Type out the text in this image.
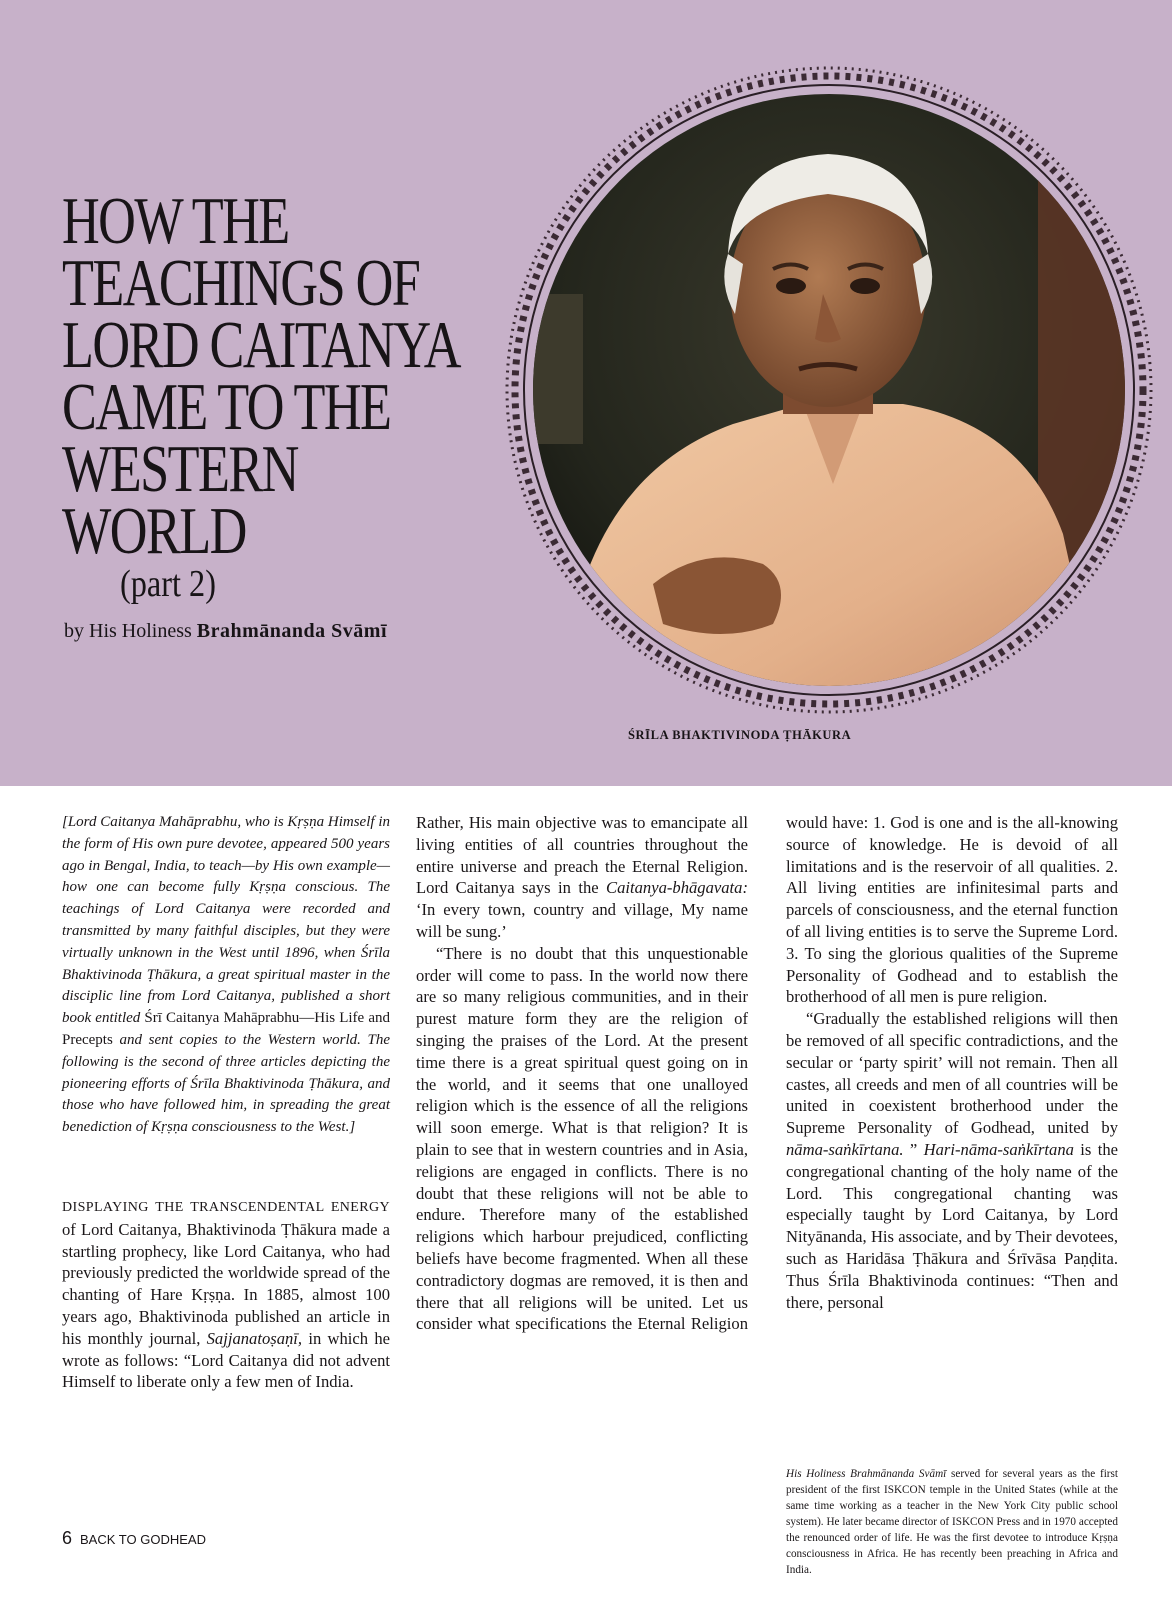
HOW THE
TEACHINGS OF
LORD CAITANYA
CAME TO THE
WESTERN
WORLD
(part 2)
by His Holiness Brahmānanda Svāmī
ŚRĪLA BHAKTIVINODA ṬHĀKURA

[Lord Caitanya Mahāprabhu, who is Kṛṣṇa Himself in the form of His own pure devotee, appeared 500 years ago in Bengal, India, to teach—by His own example—how one can become fully Kṛṣṇa conscious. The teachings of Lord Caitanya were recorded and transmitted by many faithful disciples, but they were virtually unknown in the West until 1896, when Śrīla Bhaktivinoda Ṭhākura, a great spiritual master in the disciplic line from Lord Caitanya, published a short book entitled Śrī Caitanya Mahāprabhu—His Life and Precepts and sent copies to the Western world. The following is the second of three articles depicting the pioneering efforts of Śrīla Bhaktivinoda Ṭhākura, and those who have followed him, in spreading the great benediction of Kṛṣṇa consciousness to the West.]

DISPLAYING THE TRANSCENDENTAL ENERGY of Lord Caitanya, Bhaktivinoda Ṭhākura made a startling prophecy, like Lord Caitanya, who had previously predicted the worldwide spread of the chanting of Hare Kṛṣṇa. In 1885, almost 100 years ago, Bhaktivinoda published an article in his monthly journal, Sajjanatoṣaṇī, in which he wrote as follows: “Lord Caitanya did not advent Himself to liberate only a few men of India.

Rather, His main objective was to emancipate all living entities of all countries throughout the entire universe and preach the Eternal Religion. Lord Caitanya says in the Caitanya-bhāgavata: ‘In every town, country and village, My name will be sung.’

“There is no doubt that this unquestionable order will come to pass. In the world now there are so many religious communities, and in their purest mature form they are the religion of singing the praises of the Lord. At the present time there is a great spiritual quest going on in the world, and it seems that one unalloyed religion which is the essence of all the religions will soon emerge. What is that religion? It is plain to see that in western countries and in Asia, religions are engaged in conflicts. There is no doubt that these religions will not be able to endure. Therefore many of the established religions which harbour prejudiced, conflicting beliefs have become fragmented. When all these contradictory dogmas are removed, it is then and there that all religions will be united. Let us consider what specifications the Eternal Religion would have: 1. God is one and is the all-knowing source of knowledge. He is devoid of all limitations and is the reservoir of all qualities. 2. All living entities are infinitesimal parts and parcels of consciousness, and the eternal function of all living entities is to serve the Supreme Lord. 3. To sing the glorious qualities of the Supreme Personality of Godhead and to establish the brotherhood of all men is pure religion.

“Gradually the established religions will then be removed of all specific contradictions, and the secular or ‘party spirit’ will not remain. Then all castes, all creeds and men of all countries will be united in coexistent brotherhood under the Supreme Personality of Godhead, united by nāma-saṅkīrtana. ” Hari-nāma-saṅkīrtana is the congregational chanting of the holy name of the Lord. This congregational chanting was especially taught by Lord Caitanya, by Lord Nityānanda, His associate, and by Their devotees, such as Haridāsa Ṭhākura and Śrīvāsa Paṇḍita. Thus Śrīla Bhaktivinoda continues: “Then and there, personal

His Holiness Brahmānanda Svāmī served for several years as the first president of the first ISKCON temple in the United States (while at the same time working as a teacher in the New York City public school system). He later became director of ISKCON Press and in 1970 accepted the renounced order of life. He was the first devotee to introduce Kṛṣṇa consciousness in Africa. He has recently been preaching in Africa and India.

6 BACK TO GODHEAD
